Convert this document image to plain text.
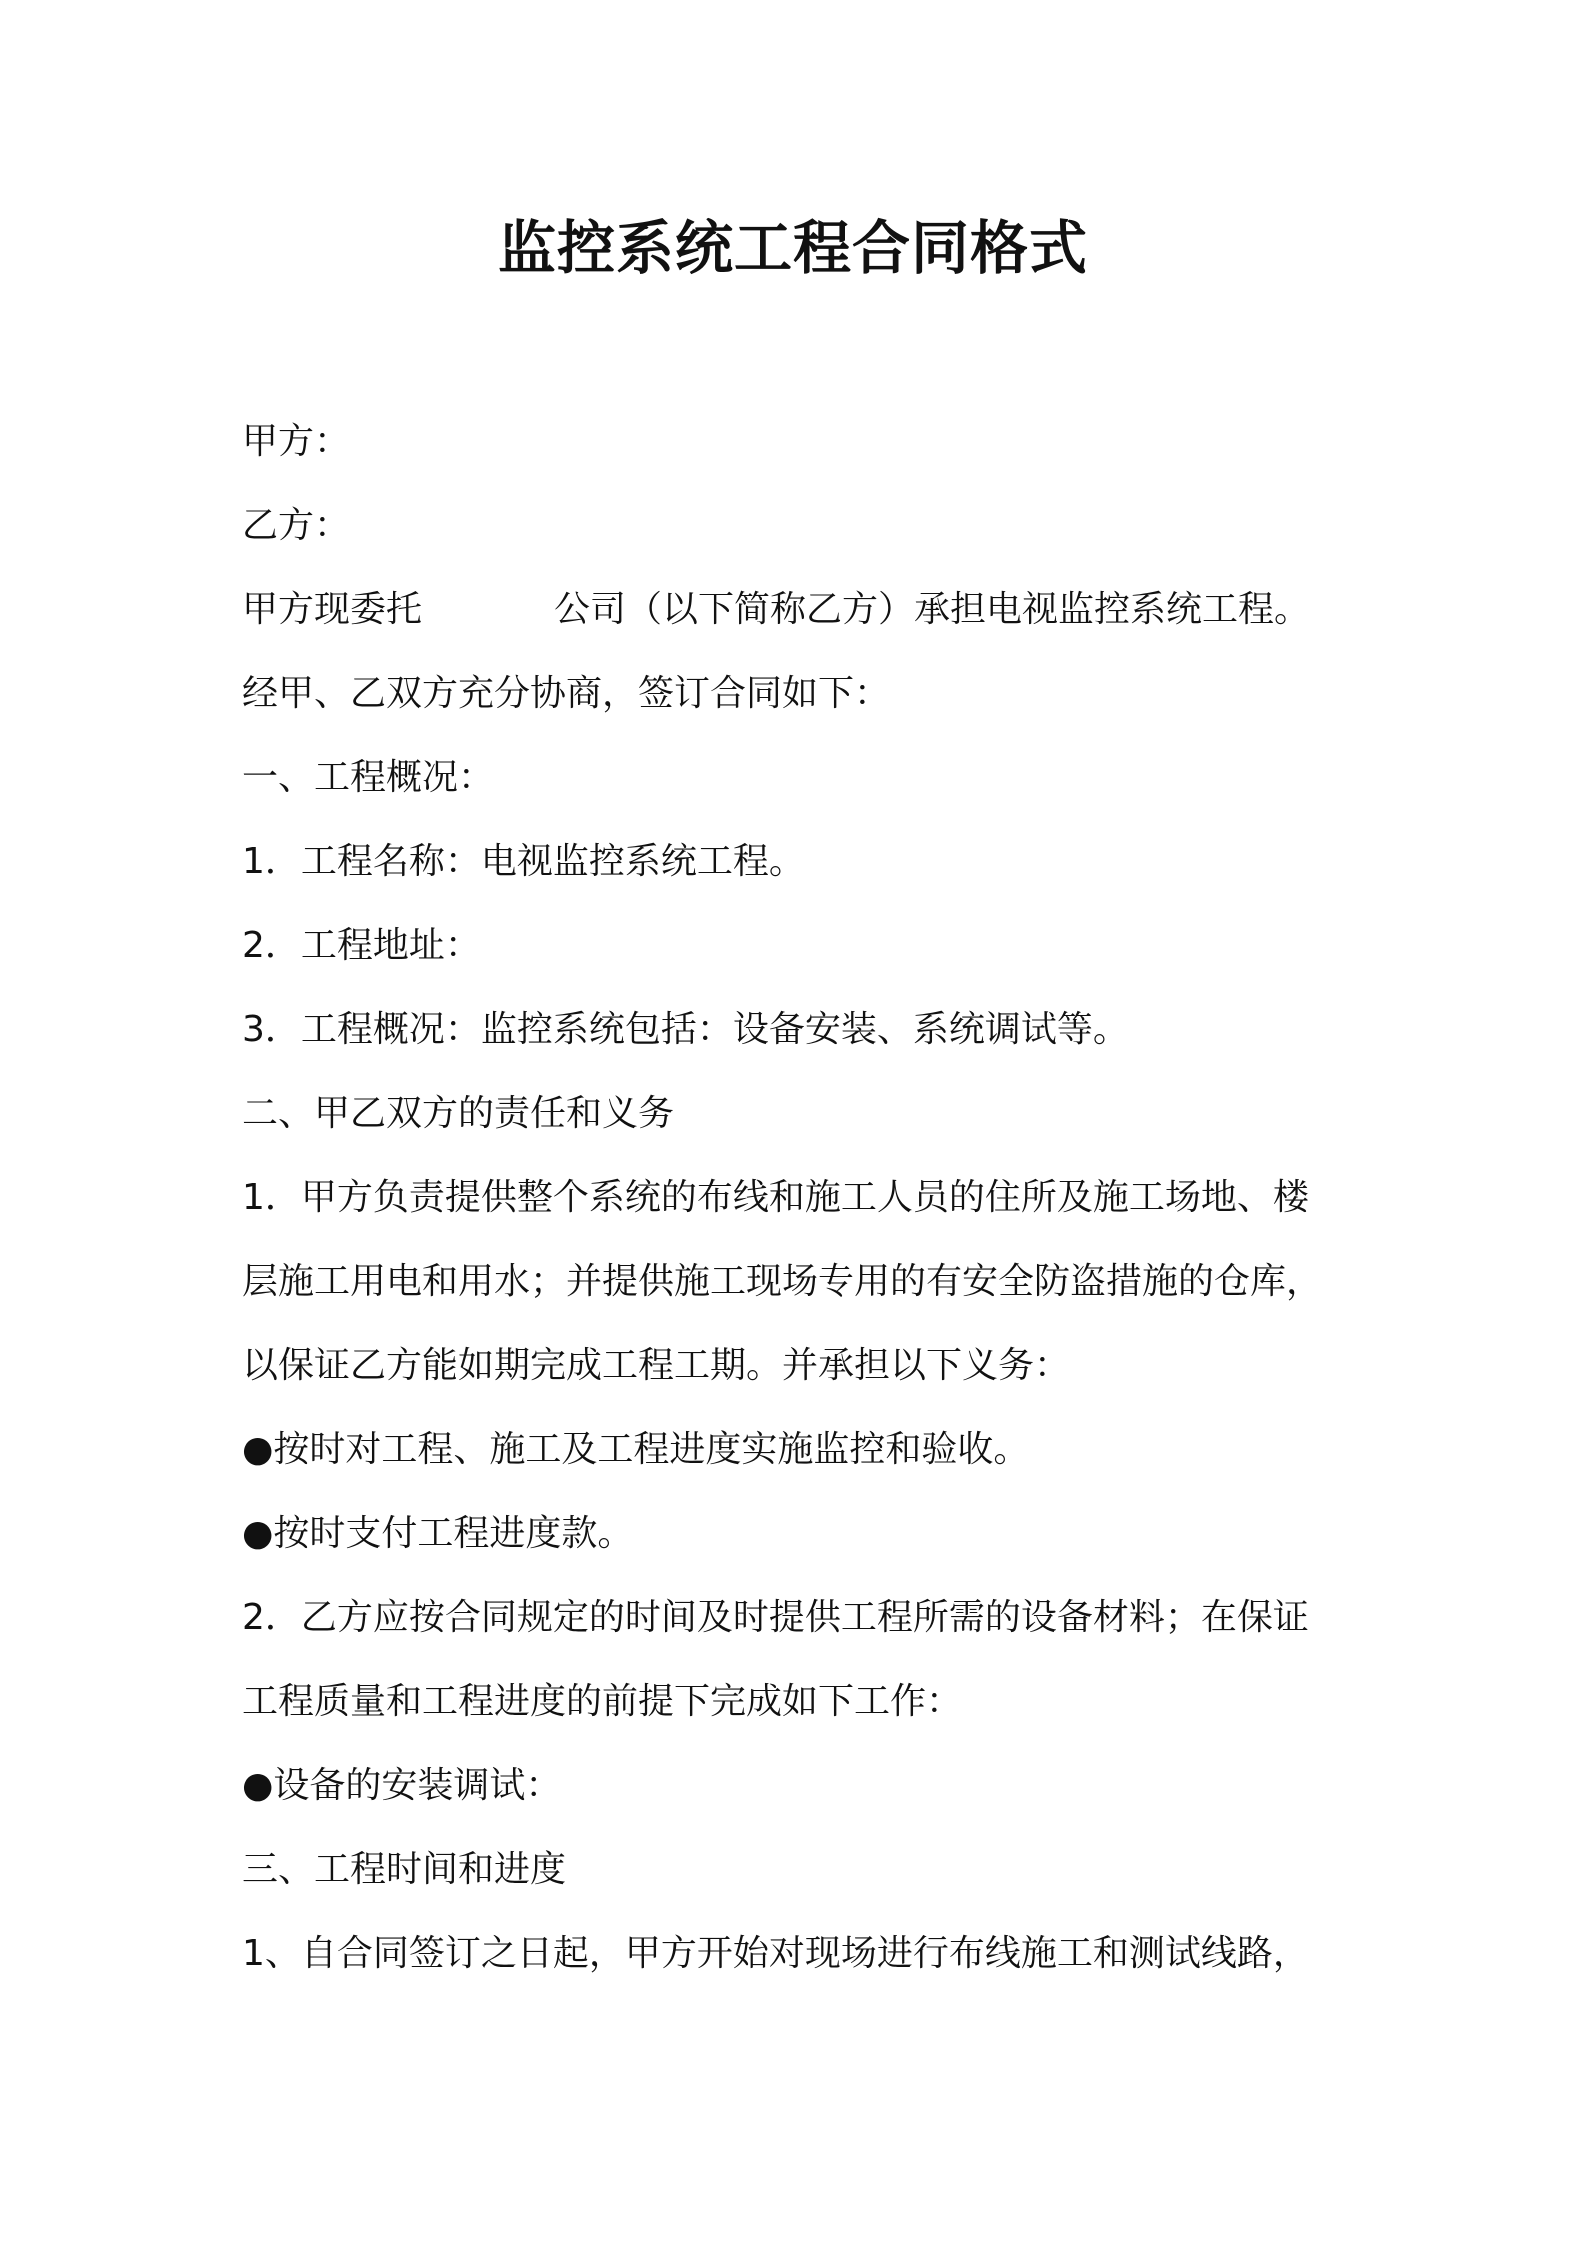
监控系统工程合同格式
甲方：
乙方：
甲方现委托	公司（以下简称乙方）承担电视监控系统工程。
经甲、乙双方充分协商，签订合同如下：
一、工程概况：
1．工程名称：电视监控系统工程。
2．工程地址：
3．工程概况：监控系统包括：设备安装、系统调试等。
二、甲乙双方的责任和义务
1．甲方负责提供整个系统的布线和施工人员的住所及施工场地、楼
层施工用电和用水；并提供施工现场专用的有安全防盗措施的仓库，
以保证乙方能如期完成工程工期。并承担以下义务：
●按时对工程、施工及工程进度实施监控和验收。
●按时支付工程进度款。
2．乙方应按合同规定的时间及时提供工程所需的设备材料；在保证
工程质量和工程进度的前提下完成如下工作：
●设备的安装调试：
三、工程时间和进度
1、自合同签订之日起，甲方开始对现场进行布线施工和测试线路，
